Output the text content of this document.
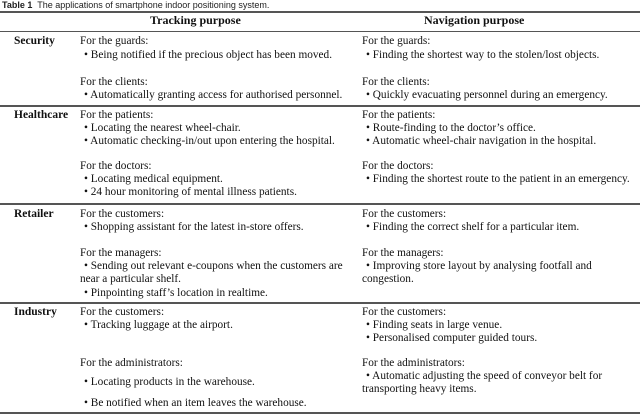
Table 1 The applications of smartphone indoor positioning system.
Tracking purpose	Navigation purpose
Security For the guards:
• Being notified if the precious object has been moved.
For the clients:
• Automatically granting access for authorised personnel.
For the guards:
• Finding the shortest way to the stolen/lost objects.
For the clients:
• Quickly evacuating personnel during an emergency.
Healthcare For the patients:
• Locating the nearest wheel-chair.
• Automatic checking-in/out upon entering the hospital.
For the doctors:
• Locating medical equipment.
• 24 hour monitoring of mental illness patients.
For the patients:
• Route-finding to the doctor’s office.
• Automatic wheel-chair navigation in the hospital.
For the doctors:
• Finding the shortest route to the patient in an emergency.
Retailer For the customers:
• Shopping assistant for the latest in-store offers.
For the managers:
• Sending out relevant e-coupons when the customers are
near a particular shelf.
• Pinpointing staff’s location in realtime.
For the customers:
• Finding the correct shelf for a particular item.
For the managers:
• Improving store layout by analysing footfall and
congestion.
Industry For the customers:
• Tracking luggage at the airport.
For the administrators:
• Locating products in the warehouse.
• Be notified when an item leaves the warehouse.
For the customers:
• Finding seats in large venue.
• Personalised computer guided tours.
For the administrators:
• Automatic adjusting the speed of conveyor belt for
transporting heavy items.
